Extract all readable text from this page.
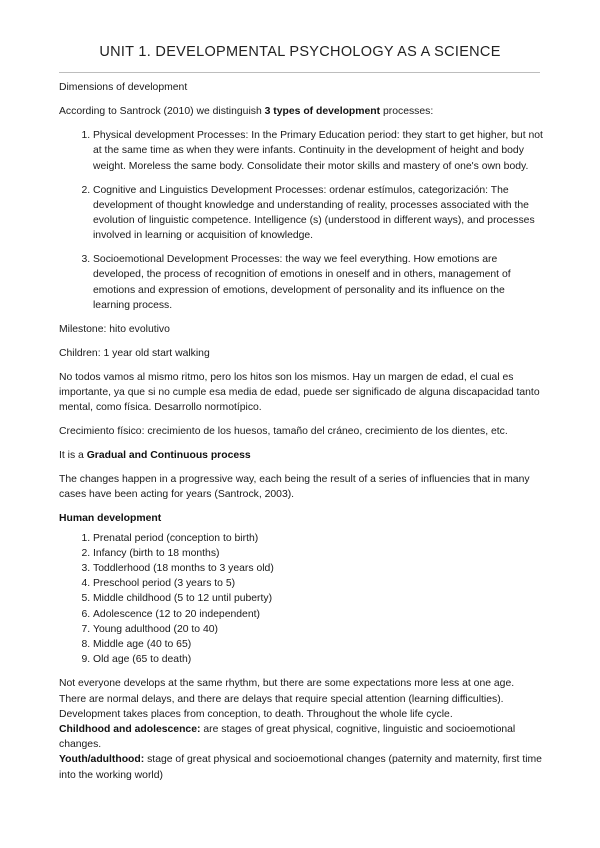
UNIT 1. DEVELOPMENTAL PSYCHOLOGY AS A SCIENCE

Dimensions of development

According to Santrock (2010) we distinguish 3 types of development processes:

1. Physical development Processes: In the Primary Education period: they start to get higher, but not at the same time as when they were infants. Continuity in the development of height and body weight. Moreless the same body. Consolidate their motor skills and mastery of one's own body.
2. Cognitive and Linguistics Development Processes: ordenar estímulos, categorización: The development of thought knowledge and understanding of reality, processes associated with the evolution of linguistic competence. Intelligence (s) (understood in different ways), and processes involved in learning or acquisition of knowledge.
3. Socioemotional Development Processes: the way we feel everything. How emotions are developed, the process of recognition of emotions in oneself and in others, management of emotions and expression of emotions, development of personality and its influence on the learning process.

Milestone: hito evolutivo

Children: 1 year old start walking

No todos vamos al mismo ritmo, pero los hitos son los mismos. Hay un margen de edad, el cual es importante, ya que si no cumple esa media de edad, puede ser significado de alguna discapacidad tanto mental, como física. Desarrollo normotípico.

Crecimiento físico: crecimiento de los huesos, tamaño del cráneo, crecimiento de los dientes, etc.

It is a Gradual and Continuous process

The changes happen in a progressive way, each being the result of a series of influencies that in many cases have been acting for years (Santrock, 2003).

Human development

1. Prenatal period (conception to birth)
2. Infancy (birth to 18 months)
3. Toddlerhood (18 months to 3 years old)
4. Preschool period (3 years to 5)
5. Middle childhood (5 to 12 until puberty)
6. Adolescence (12 to 20 independent)
7. Young adulthood (20 to 40)
8. Middle age (40 to 65)
9. Old age (65 to death)
Not everyone develops at the same rhythm, but there are some expectations more less at one age.
There are normal delays, and there are delays that require special attention (learning difficulties).
Development takes places from conception, to death. Throughout the whole life cycle.
Childhood and adolescence: are stages of great physical, cognitive, linguistic and socioemotional changes.
Youth/adulthood: stage of great physical and socioemotional changes (paternity and maternity, first time into the working world)
